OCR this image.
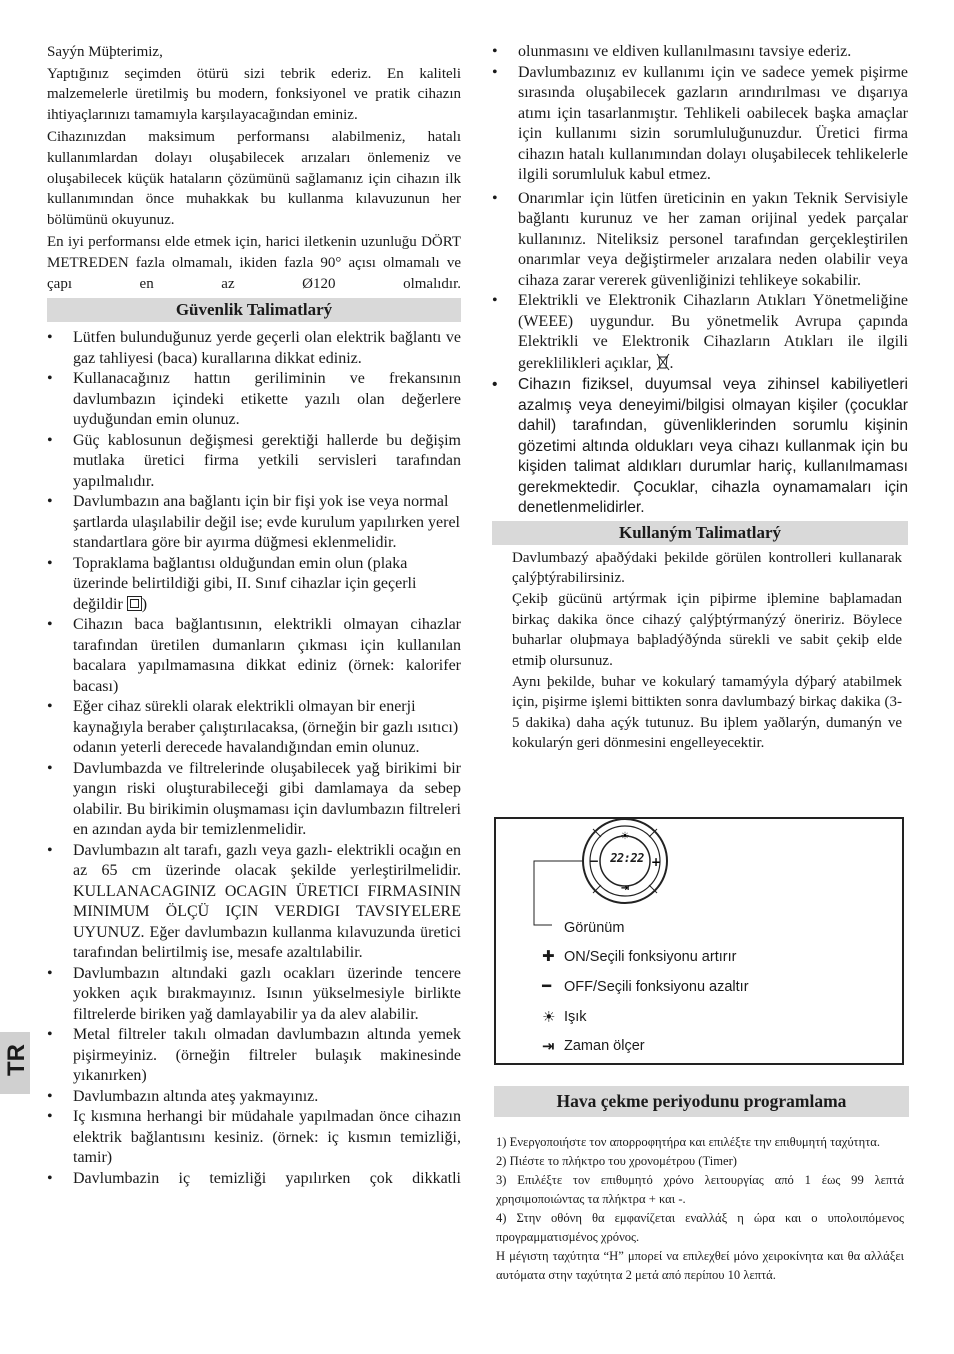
Sayýn Müþterimiz,

Yaptığınız seçimden ötürü sizi tebrik ederiz. En kaliteli malzemelerle üretilmiş bu modern, fonksiyonel ve pratik cihazın ihtiyaçlarınızı tamamıyla karşılayacağından eminiz.

Cihazınızdan maksimum performansı alabilmeniz, hatalı kullanımlardan dolayı oluşabilecek arızaları önlemeniz ve oluşabilecek küçük hataların çözümünü sağlamanız için cihazın ilk kullanımından önce muhakkak bu kullanma kılavuzunun her bölümünü okuyunuz.

En iyi performansı elde etmek için, harici iletkenin uzunluğu DÖRT METREDEN fazla olmamalı, ikiden fazla 90° açısı olmamalı ve çapı en az Ø120 olmalıdır.

Güvenlik Talimatlarý
• Lütfen bulunduğunuz yerde geçerli olan elektrik bağlantı ve gaz tahliyesi (baca) kurallarına dikkat ediniz.
• Kullanacağınız hattın geriliminin ve frekansının davlumbazın içindeki etikette yazılı olan değerlere uyduğundan emin olunuz.
• Güç kablosunun değişmesi gerektiği hallerde bu değişim mutlaka üretici firma yetkili servisleri tarafından yapılmalıdır.
• Davlumbazın ana bağlantı için bir fişi yok ise veya normal şartlarda ulaşılabilir değil ise; evde kurulum yapılırken yerel standartlara göre bir ayırma düğmesi eklenmelidir.
• Topraklama bağlantısı olduğundan emin olun (plaka üzerinde belirtildiği gibi, II. Sınıf cihazlar için geçerli değildir )
• Cihazın baca bağlantısının, elektrikli olmayan cihazlar tarafından üretilen dumanların çıkması için kullanılan bacalara yapılmamasına dikkat ediniz (örnek: kalorifer bacası)
• Eğer cihaz sürekli olarak elektrikli olmayan bir enerji kaynağıyla beraber çalıştırılacaksa, (örneğin bir gazlı ısıtıcı) odanın yeterli derecede havalandığından emin olunuz.
• Davlumbazda ve filtrelerinde oluşabilecek yağ birikimi bir yangın riski oluşturabileceği gibi damlamaya da sebep olabilir. Bu birikimin oluşmaması için davlumbazın filtreleri en azından ayda bir temizlenmelidir.
• Davlumbazın alt tarafı, gazlı veya gazlı- elektrikli ocağın en az 65 cm üzerinde olacak şekilde yerleştirilmelidir. KULLANACAGINIZ OCAGIN ÜRETICI FIRMASININ MINIMUM ÖLÇÜ IÇIN VERDIGI TAVSIYELERE UYUNUZ. Eğer davlumbazın kullanma kılavuzunda üretici tarafından belirtilmiş ise, mesafe azaltılabilir.
• Davlumbazın altındaki gazlı ocakları üzerinde tencere yokken açık bırakmayınız. Isının yükselmesiyle birlikte filtrelerde biriken yağ damlayabilir ya da alev alabilir.
• Metal filtreler takılı olmadan davlumbazın altında yemek pişirmeyiniz. (örneğin filtreler bulaşık makinesinde yıkanırken)
• Davlumbazın altında ateş yakmayınız.
• Iç kısmına herhangi bir müdahale yapılmadan önce cihazın elektrik bağlantısını kesiniz. (örnek: iç kısmın temizliği, tamir)
• Davlumbazin iç temizliği yapılırken çok dikkatli
• olunmasını ve eldiven kullanılmasını tavsiye ederiz.
• Davlumbazınız ev kullanımı için ve sadece yemek pişirme sırasında oluşabilecek gazların arındırılması ve dışarıya atımı için tasarlanmıştır. Tehlikeli oabilecek başka amaçlar için kullanımı sizin sorumluluğunuzdur. Üretici firma cihazın hatalı kullanımından dolayı oluşabilecek tehlikelerle ilgili sorumluluk kabul etmez.
• Onarımlar için lütfen üreticinin en yakın Teknik Servisiyle bağlantı kurunuz ve her zaman orijinal yedek parçalar kullanınız. Niteliksiz personel tarafından gerçekleştirilen onarımlar veya değiştirmeler arızalara neden olabilir veya cihaza zarar vererek güvenliğinizi tehlikeye sokabilir.
• Elektrikli ve Elektronik Cihazların Atıkları Yönetmeliğine (WEEE) uygundur. Bu yönetmelik Avrupa çapında Elektrikli ve Elektronik Cihazların Atıkları ile ilgili gereklilikleri açıklar, .
• Cihazın fiziksel, duyumsal veya zihinsel kabiliyetleri azalmış veya deneyimi/bilgisi olmayan kişiler (çocuklar dahil) tarafından, güvenliklerinden sorumlu kişinin gözetimi altında oldukları veya cihazı kullanmak için bu kişiden talimat aldıkları durumlar hariç, kullanılmaması gerekmektedir. Çocuklar, cihazla oynamamaları için denetlenmelidirler.
Kullaným Talimatlarý

Davlumbazý aþaðýdaki þekilde görülen kontrolleri kullanarak çalýþtýrabilirsiniz.

Çekiþ gücünü artýrmak için piþirme iþlemine baþlamadan birkaç dakika önce cihazý çalýþtýrmanýzý öneririz. Böylece buharlar oluþmaya baþladýðýnda sürekli ve sabit çekiþ elde etmiþ olursunuz.

Aynı þekilde, buhar ve kokularý tamamýyla dýþarý atabilmek için, pişirme işlemi bittikten sonra davlumbazý birkaç dakika (3-5 dakika) daha açýk tutunuz. Bu iþlem yaðlarýn, dumanýn ve kokularýn geri dönmesini engelleyecektir.

☀
⇥
−	+
22:22
Görünüm
✚ ON/Seçili fonksiyonu artırır
━ OFF/Seçili fonksiyonu azaltır
☀ Işık
⇥ Zaman ölçer
Hava çekme periyodunu programlama

1) Ενεργοποιήστε τον απορροφητήρα και επιλέξτε την επιθυμητή ταχύτητα.

2) Πιέστε το πλήκτρο του χρονομέτρου (Timer)

3) Επιλέξτε τον επιθυμητό χρόνο λειτουργίας από 1 έως 99 λεπτά χρησιμοποιώντας τα πλήκτρα + και -.

4) Στην οθόνη θα εμφανίζεται εναλλάξ η ώρα και ο υπολοιπόμενος προγραμματισμένος χρόνος.

Η μέγιστη ταχύτητα “Η” μπορεί να επιλεχθεί μόνο χειροκίνητα και θα αλλάξει αυτόματα στην ταχύτητα 2 μετά από περίπου 10 λεπτά.

TR
